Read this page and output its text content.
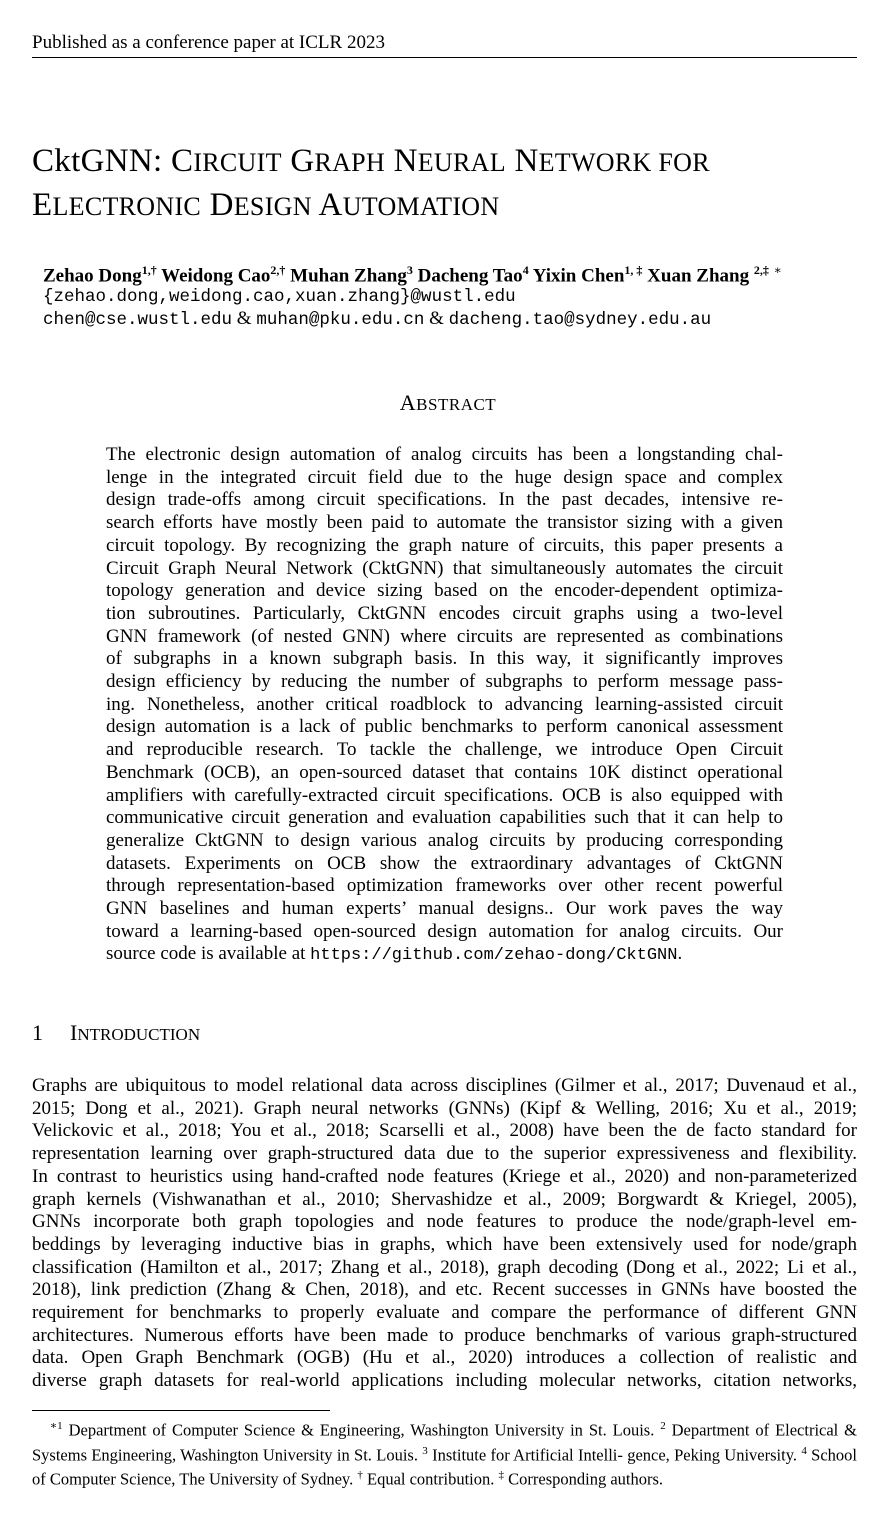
Published as a conference paper at ICLR 2023
CktGNN: CIRCUIT GRAPH NEURAL NETWORK FOR
ELECTRONIC DESIGN AUTOMATION
Zehao Dong$^{1,\dagger}$ Weidong Cao$^{2,\dagger}$ Muhan Zhang$^3$ Dacheng Tao$^4$ Yixin Chen$^{1, \ddagger}$ Xuan Zhang $^{2,\ddagger}$ ∗
{zehao.dong,weidong.cao,xuan.zhang}@wustl.edu
chen@cse.wustl.edu & muhan@pku.edu.cn & dacheng.tao@sydney.edu.au
ABSTRACT
The electronic design automation of analog circuits has been a longstanding chal-
lenge in the integrated circuit field due to the huge design space and complex
design trade-offs among circuit specifications. In the past decades, intensive re-
search efforts have mostly been paid to automate the transistor sizing with a given
circuit topology. By recognizing the graph nature of circuits, this paper presents a
Circuit Graph Neural Network (CktGNN) that simultaneously automates the circuit
topology generation and device sizing based on the encoder-dependent optimiza-
tion subroutines. Particularly, CktGNN encodes circuit graphs using a two-level
GNN framework (of nested GNN) where circuits are represented as combinations
of subgraphs in a known subgraph basis. In this way, it significantly improves
design efficiency by reducing the number of subgraphs to perform message pass-
ing. Nonetheless, another critical roadblock to advancing learning-assisted circuit
design automation is a lack of public benchmarks to perform canonical assessment
and reproducible research. To tackle the challenge, we introduce Open Circuit
Benchmark (OCB), an open-sourced dataset that contains 10K distinct operational
amplifiers with carefully-extracted circuit specifications. OCB is also equipped with
communicative circuit generation and evaluation capabilities such that it can help to
generalize CktGNN to design various analog circuits by producing corresponding
datasets. Experiments on OCB show the extraordinary advantages of CktGNN
through representation-based optimization frameworks over other recent powerful
GNN baselines and human experts’ manual designs.. Our work paves the way
toward a learning-based open-sourced design automation for analog circuits. Our
source code is available at https://github.com/zehao-dong/CktGNN.
1 INTRODUCTION
Graphs are ubiquitous to model relational data across disciplines (Gilmer et al., 2017; Duvenaud et al.,
2015; Dong et al., 2021). Graph neural networks (GNNs) (Kipf & Welling, 2016; Xu et al., 2019;
Velickovic et al., 2018; You et al., 2018; Scarselli et al., 2008) have been the de facto standard for
representation learning over graph-structured data due to the superior expressiveness and flexibility.
In contrast to heuristics using hand-crafted node features (Kriege et al., 2020) and non-parameterized
graph kernels (Vishwanathan et al., 2010; Shervashidze et al., 2009; Borgwardt & Kriegel, 2005),
GNNs incorporate both graph topologies and node features to produce the node/graph-level em-
beddings by leveraging inductive bias in graphs, which have been extensively used for node/graph
classification (Hamilton et al., 2017; Zhang et al., 2018), graph decoding (Dong et al., 2022; Li et al.,
2018), link prediction (Zhang & Chen, 2018), and etc. Recent successes in GNNs have boosted the
requirement for benchmarks to properly evaluate and compare the performance of different GNN
architectures. Numerous efforts have been made to produce benchmarks of various graph-structured
data. Open Graph Benchmark (OGB) (Hu et al., 2020) introduces a collection of realistic and
diverse graph datasets for real-world applications including molecular networks, citation networks,
$^{∗1}$ Department of Computer Science & Engineering, Washington University in St. Louis. $^2$ Department of Electrical & Systems Engineering, Washington University in St. Louis. $^3$ Institute for Artificial Intelli- gence, Peking University. $^4$ School of Computer Science, The University of Sydney. † Equal contribution. ‡ Corresponding authors.
